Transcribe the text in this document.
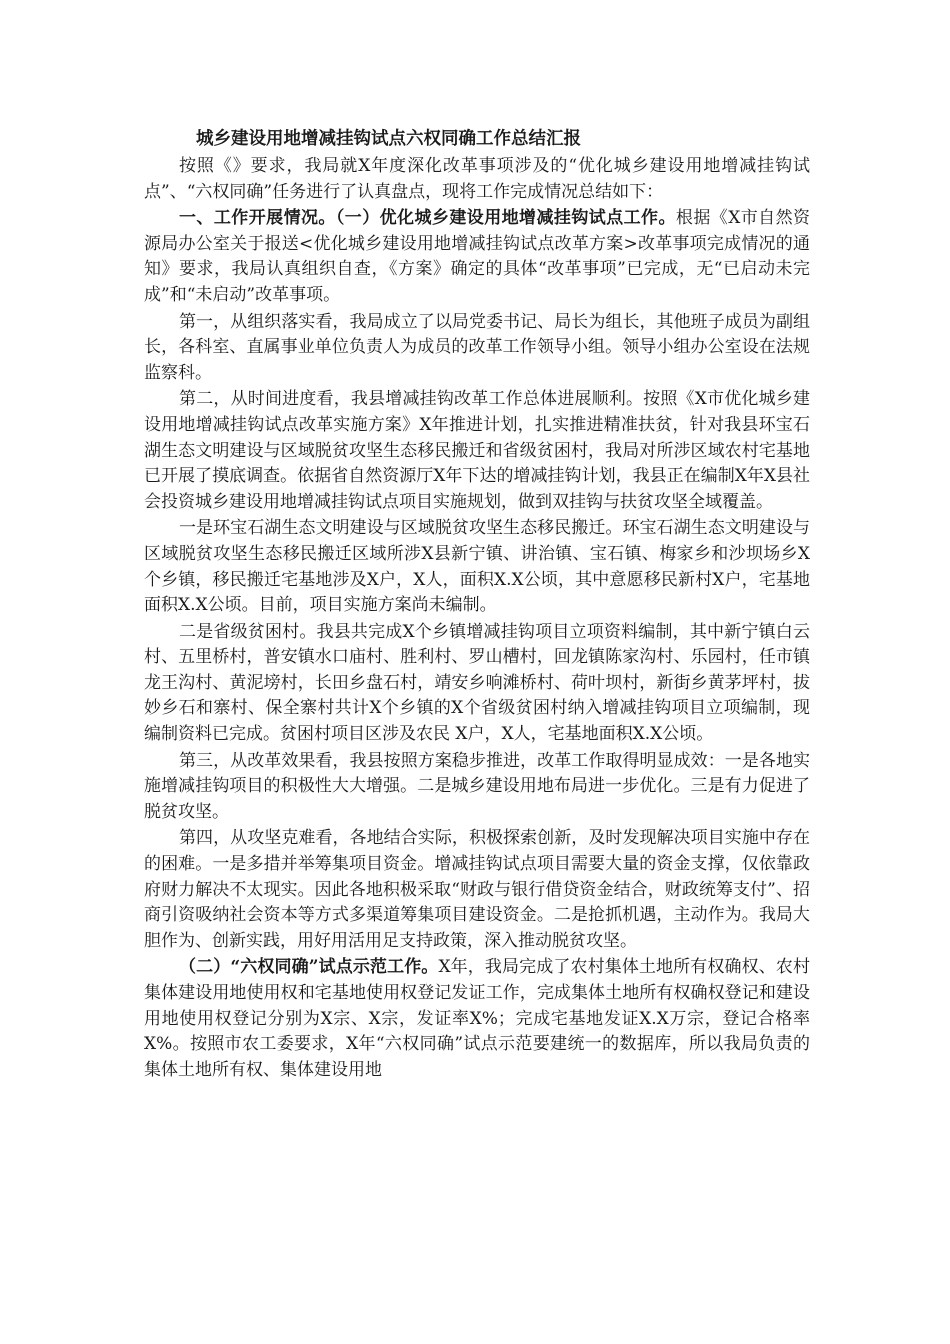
城乡建设用地增减挂钩试点六权同确工作总结汇报
按照《》要求，我局就X年度深化改革事项涉及的“优化城乡建设用地增减挂钩试点”、“六权同确”任务进行了认真盘点，现将工作完成情况总结如下：
一、工作开展情况。（一）优化城乡建设用地增减挂钩试点工作。根据《X市自然资源局办公室关于报送<优化城乡建设用地增减挂钩试点改革方案>改革事项完成情况的通知》要求，我局认真组织自查，《方案》确定的具体“改革事项”已完成，无“已启动未完成”和“未启动”改革事项。
第一，从组织落实看，我局成立了以局党委书记、局长为组长，其他班子成员为副组长，各科室、直属事业单位负责人为成员的改革工作领导小组。领导小组办公室设在法规监察科。
第二，从时间进度看，我县增减挂钩改革工作总体进展顺利。按照《X市优化城乡建设用地增减挂钩试点改革实施方案》X年推进计划，扎实推进精准扶贫，针对我县环宝石湖生态文明建设与区域脱贫攻坚生态移民搬迁和省级贫困村，我局对所涉区域农村宅基地已开展了摸底调查。依据省自然资源厅X年下达的增减挂钩计划，我县正在编制X年X县社会投资城乡建设用地增减挂钩试点项目实施规划，做到双挂钩与扶贫攻坚全域覆盖。
一是环宝石湖生态文明建设与区域脱贫攻坚生态移民搬迁。环宝石湖生态文明建设与区域脱贫攻坚生态移民搬迁区域所涉X县新宁镇、讲治镇、宝石镇、梅家乡和沙坝场乡X个乡镇，移民搬迁宅基地涉及X户，X人，面积X.X公顷，其中意愿移民新村X户，宅基地面积X.X公顷。目前，项目实施方案尚未编制。
二是省级贫困村。我县共完成X个乡镇增减挂钩项目立项资料编制，其中新宁镇白云村、五里桥村，普安镇水口庙村、胜利村、罗山槽村，回龙镇陈家沟村、乐园村，任市镇龙王沟村、黄泥塝村，长田乡盘石村，靖安乡响滩桥村、荷叶坝村，新街乡黄茅坪村，拔妙乡石和寨村、保全寨村共计X个乡镇的X个省级贫困村纳入增减挂钩项目立项编制，现编制资料已完成。贫困村项目区涉及农民 X户，X人，宅基地面积X.X公顷。
第三，从改革效果看，我县按照方案稳步推进，改革工作取得明显成效：一是各地实施增减挂钩项目的积极性大大增强。二是城乡建设用地布局进一步优化。三是有力促进了脱贫攻坚。
第四，从攻坚克难看，各地结合实际，积极探索创新，及时发现解决项目实施中存在的困难。一是多措并举筹集项目资金。增减挂钩试点项目需要大量的资金支撑，仅依靠政府财力解决不太现实。因此各地积极采取“财政与银行借贷资金结合，财政统筹支付”、招商引资吸纳社会资本等方式多渠道筹集项目建设资金。二是抢抓机遇，主动作为。我局大胆作为、创新实践，用好用活用足支持政策，深入推动脱贫攻坚。
（二）“六权同确”试点示范工作。X年，我局完成了农村集体土地所有权确权、农村集体建设用地使用权和宅基地使用权登记发证工作，完成集体土地所有权确权登记和建设用地使用权登记分别为X宗、X宗，发证率X%；完成宅基地发证X.X万宗，登记合格率X%。按照市农工委要求，X年“六权同确”试点示范要建统一的数据库，所以我局负责的集体土地所有权、集体建设用地
